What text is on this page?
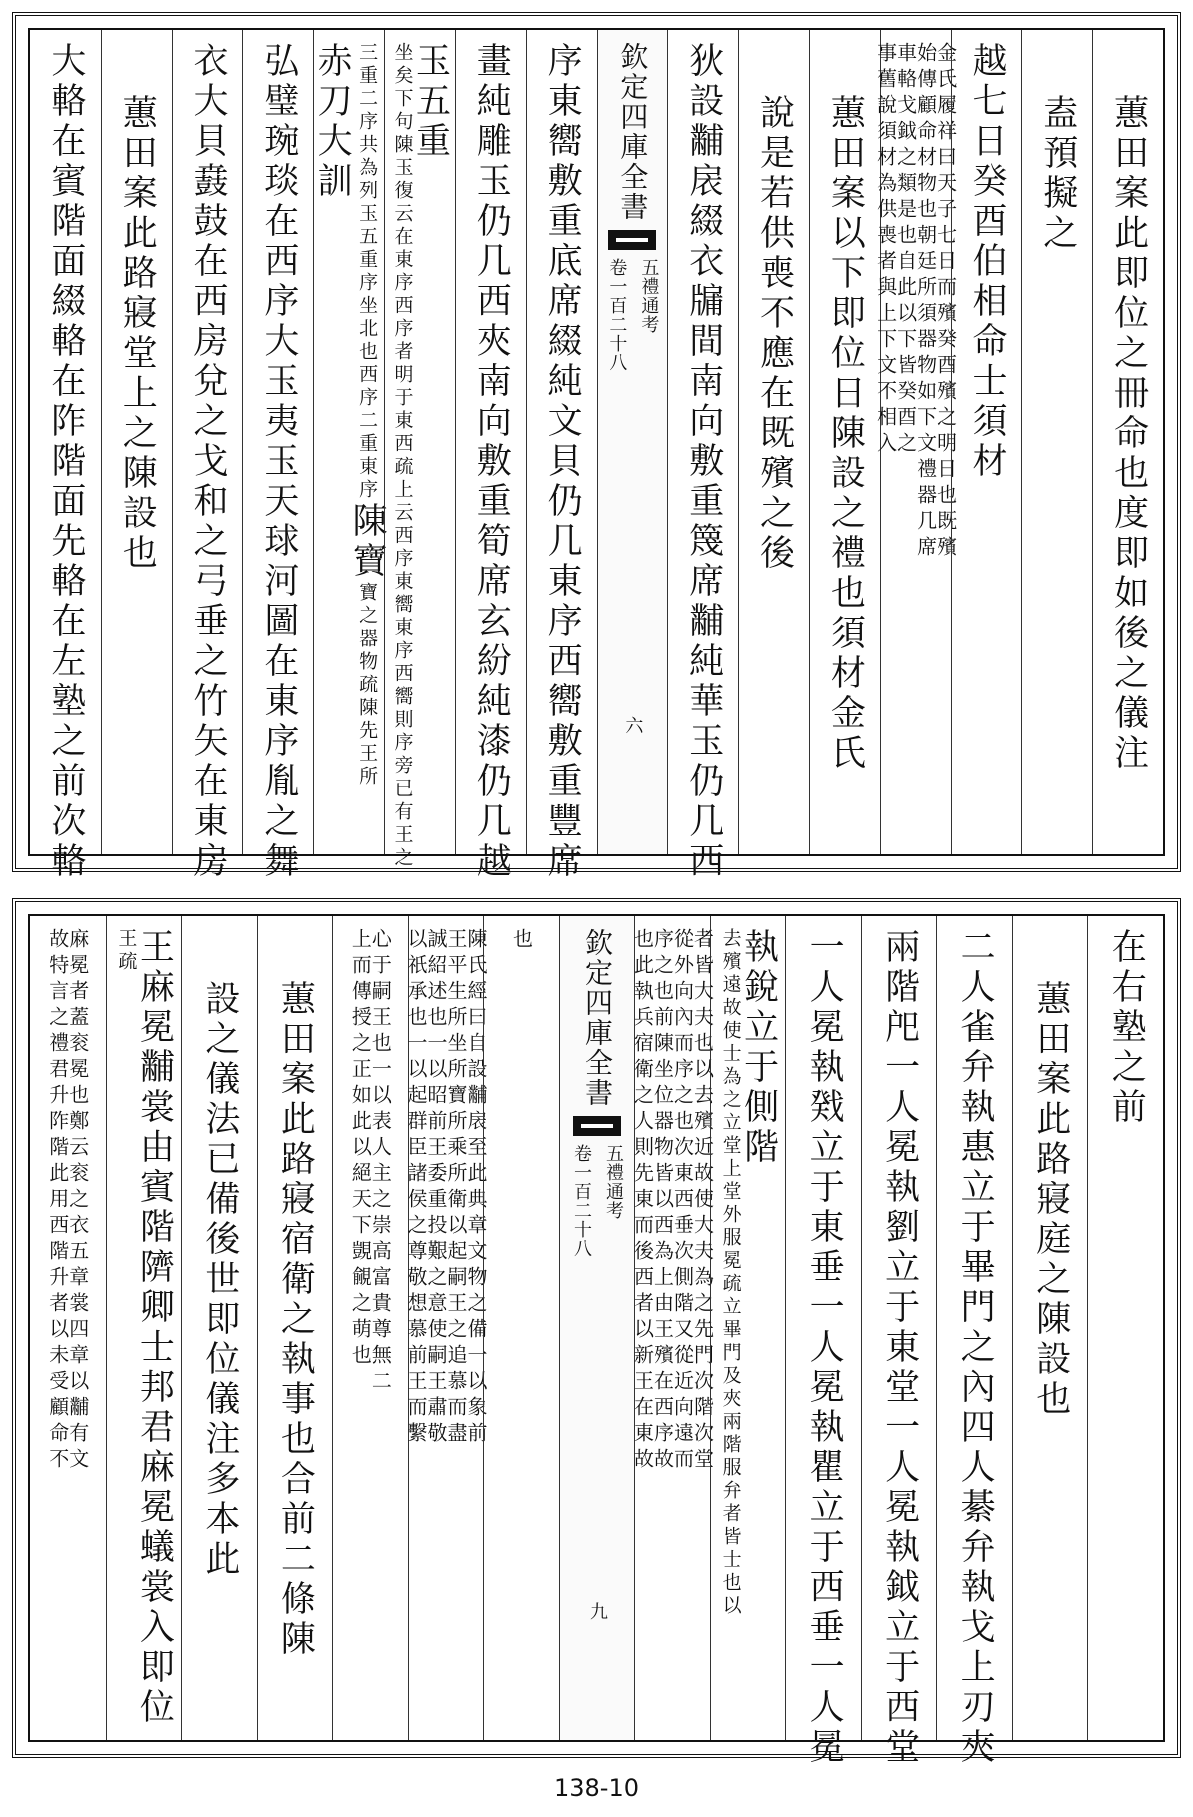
蕙田案此即位之冊命也度即如後之儀注
盍預擬之
越七日癸酉伯相命士須材
金氏履祥曰天子七日而殯癸酉殯之明日也既殯
始傳顧命材物也朝廷所須器物如下文禮器几席
車輅戈鉞之類是也自此以下皆癸酉之
事舊說須材為供喪者與上下文不相入
蕙田案以下即位日陳設之禮也須材金氏
說是若供喪不應在既殯之後
狄設黼扆綴衣牖間南向敷重篾席黼純華玉仍几西
欽定四庫全書
五禮通考
卷一百二十八
六
序東嚮敷重底席綴純文貝仍几東序西嚮敷重豐席
畫純雕玉仍几西夾南向敷重筍席玄紛純漆仍几越
玉五重
疏上云西序東嚮東序西嚮則序旁已有王之
坐矣下句陳玉復云在東序西序者明于東西
序坐北也西序二重東序
三重二序共為列玉五重
陳寶
疏陳先王所
寶之器物
赤刀大訓
弘璧琬琰在西序大玉夷玉天球河圖在東序胤之舞
衣大貝鼖鼓在西房兌之戈和之弓垂之竹矢在東房
蕙田案此路寢堂上之陳設也
大輅在賓階面綴輅在阼階面先輅在左塾之前次輅
在右塾之前
蕙田案此路寢庭之陳設也
二人雀弁執惠立于畢門之內四人綦弁執戈上刃夾
兩階戺一人冕執劉立于東堂一人冕執鉞立于西堂
一人冕執戣立于東垂一人冕執瞿立于西垂一人冕
執銳立于側階
疏立畢門及夾兩階服弁者皆士也以
去殯遠故使士為之立堂上堂外服冕
者皆大夫也以去殯近故使大夫為之先門次階次堂
從外向內而序之也次東西垂次側階又從近向遠而
序之也前陳坐位器物皆以西為上由王殯在西序故
也此執兵宿衛之人則先東而後西者以新王在東故
欽定四庫全書
五禮通考
卷一百二十八
九
也
陳氏經曰自設黼扆至此典章文物之備一以象前
王平生所坐所寶所乘所衛以起嗣王之追慕而盡
誠紹述也一以昭前王委重投艱之意使嗣王肅敬
以祇承也一以起群臣諸侯之尊敬想慕前王而繫
心于嗣王也一以表人主之崇高富貴尊無二
上而傳授之正如此以絕天下覬覦之萌也
蕙田案此路寢宿衛之執事也合前二條陳
設之儀法已備後世即位儀注多本此
王麻冕黼裳由賓階隮卿士邦君麻冕蟻裳入即位
疏
王
麻冕者蓋衮冕也鄭云衮之衣五章裳四章以黼有文
故特言之禮君升阼階此用西階升者以未受顧命不
138-10
